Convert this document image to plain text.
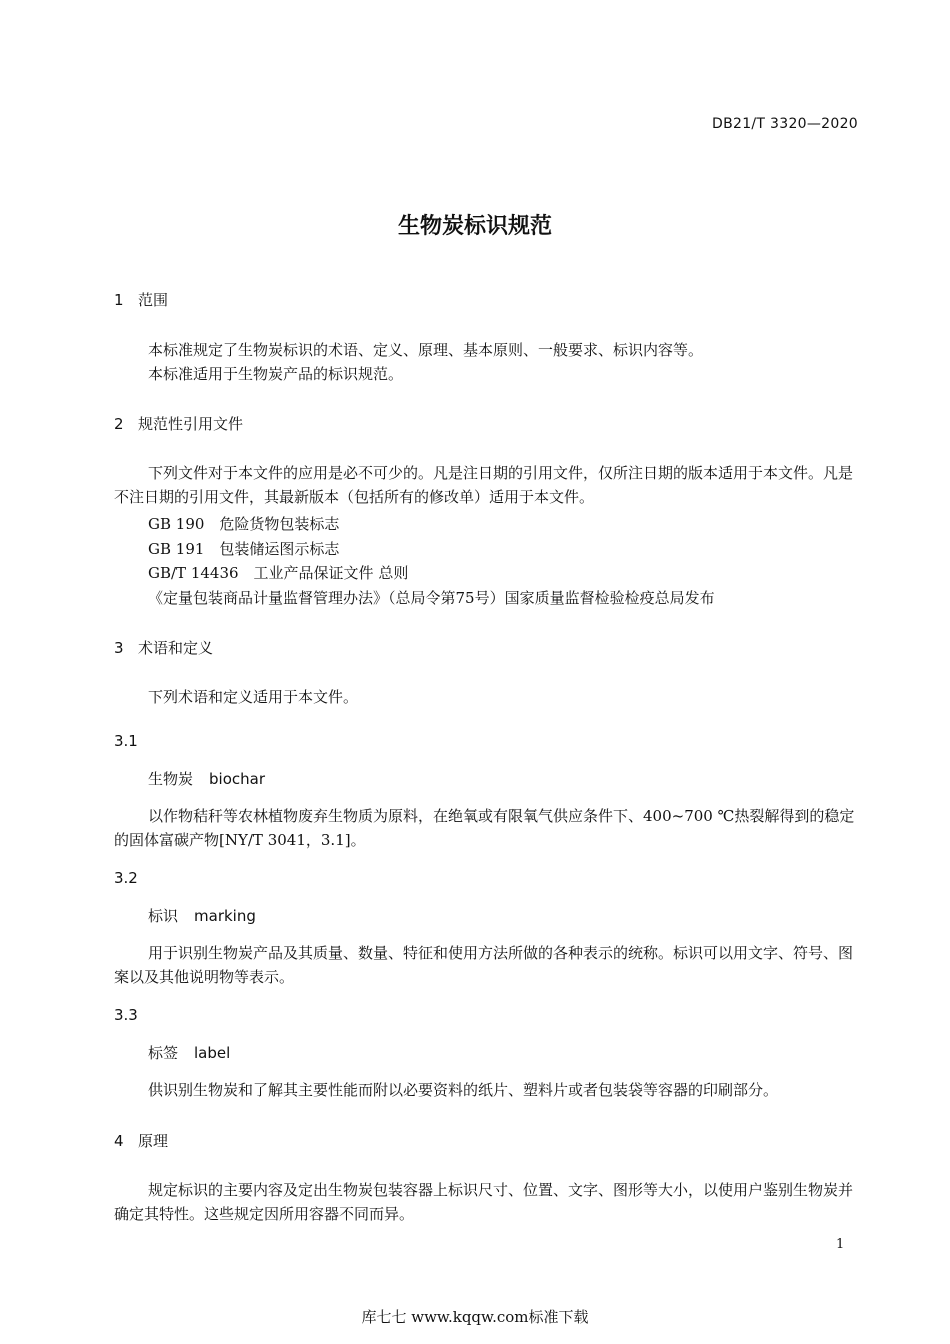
DB21/T 3320—2020
生物炭标识规范
1 范围
本标准规定了生物炭标识的术语、定义、原理、基本原则、一般要求、标识内容等。
本标准适用于生物炭产品的标识规范。
2 规范性引用文件
下列文件对于本文件的应用是必不可少的。凡是注日期的引用文件，仅所注日期的版本适用于本文件。凡是不注日期的引用文件，其最新版本（包括所有的修改单）适用于本文件。
GB 190　危险货物包装标志
GB 191　包装储运图示标志
GB/T 14436　工业产品保证文件 总则
《定量包装商品计量监督管理办法》（总局令第75号）国家质量监督检验检疫总局发布
3 术语和定义
下列术语和定义适用于本文件。
3.1
生物炭 biochar
以作物秸秆等农林植物废弃生物质为原料，在绝氧或有限氧气供应条件下、400~700 ℃热裂解得到的稳定的固体富碳产物[NY/T 3041，3.1]。
3.2
标识 marking
用于识别生物炭产品及其质量、数量、特征和使用方法所做的各种表示的统称。标识可以用文字、符号、图案以及其他说明物等表示。
3.3
标签 label
供识别生物炭和了解其主要性能而附以必要资料的纸片、塑料片或者包装袋等容器的印刷部分。
4 原理
规定标识的主要内容及定出生物炭包装容器上标识尺寸、位置、文字、图形等大小，以使用户鉴别生物炭并确定其特性。这些规定因所用容器不同而异。
1
库七七 www.kqqw.com标准下载
